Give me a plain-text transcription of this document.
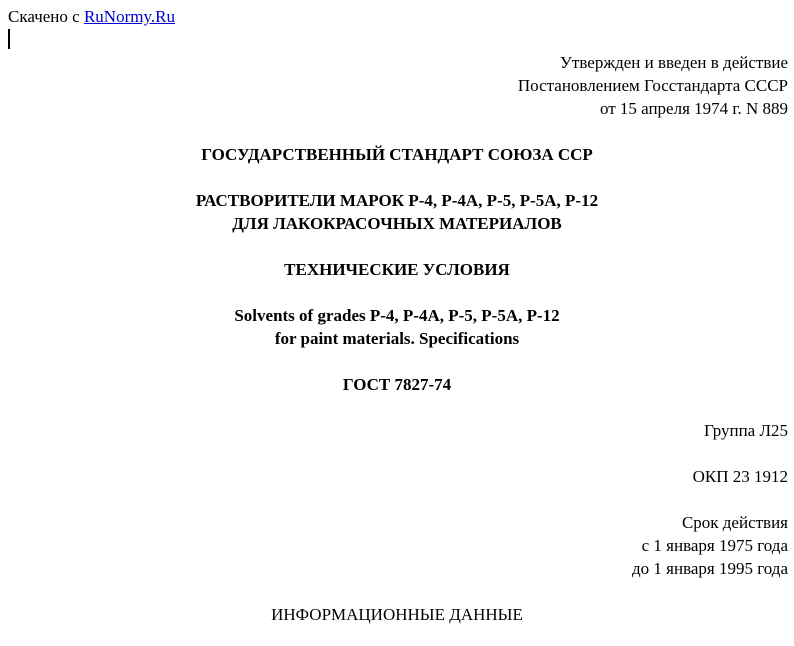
Скачено с RuNormy.Ru
Утвержден и введен в действие
Постановлением Госстандарта СССР
от 15 апреля 1974 г. N 889
ГОСУДАРСТВЕННЫЙ СТАНДАРТ СОЮЗА ССР
РАСТВОРИТЕЛИ МАРОК Р-4, Р-4А, Р-5, Р-5А, Р-12
ДЛЯ ЛАКОКРАСОЧНЫХ МАТЕРИАЛОВ
ТЕХНИЧЕСКИЕ УСЛОВИЯ
Solvents of grades P-4, P-4A, P-5, P-5A, P-12
for paint materials. Specifications
ГОСТ 7827-74
Группа Л25
ОКП 23 1912
Срок действия
с 1 января 1975 года
до 1 января 1995 года
ИНФОРМАЦИОННЫЕ ДАННЫЕ
